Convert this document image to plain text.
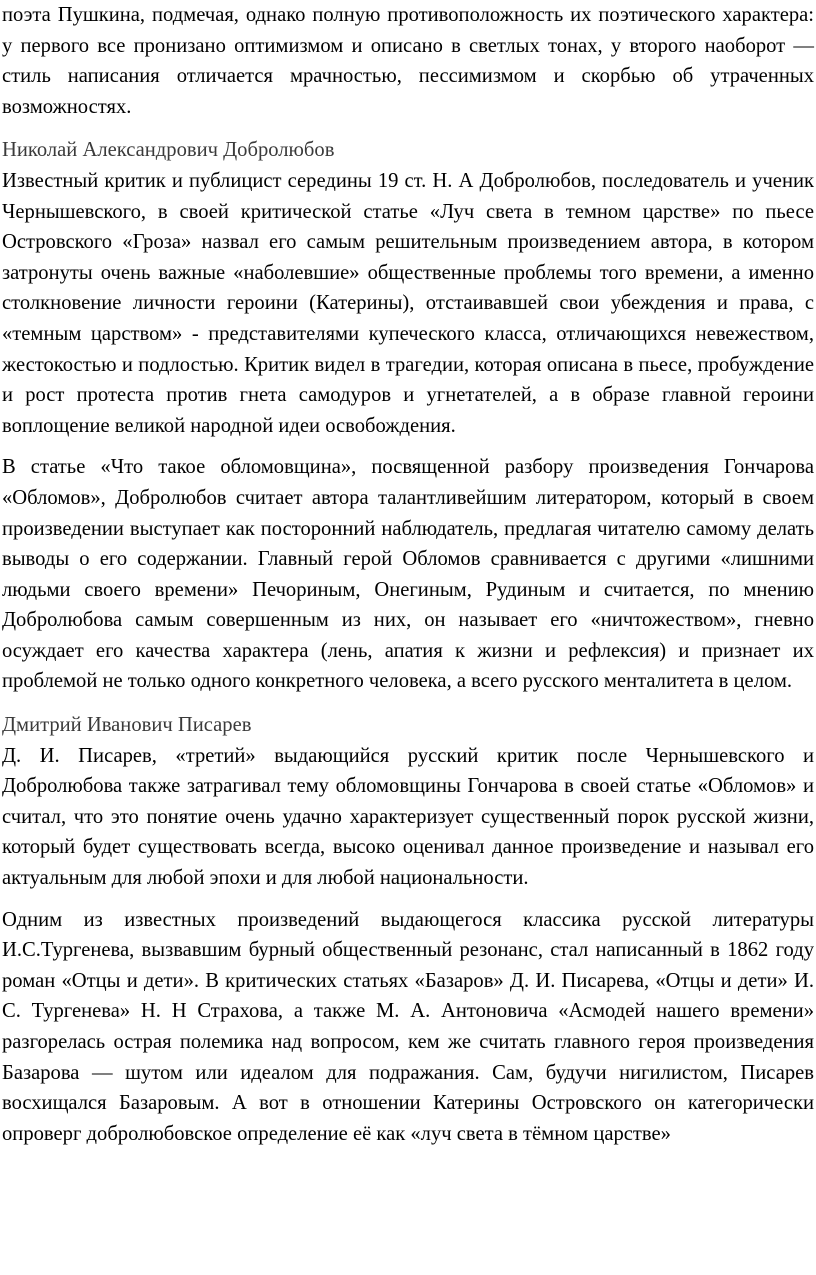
поэта Пушкина, подмечая, однако полную противоположность их поэтического характера: у первого все пронизано оптимизмом и описано в светлых тонах, у второго наоборот — стиль написания отличается мрачностью, пессимизмом и скорбью об утраченных возможностях.

Николай Александрович Добролюбов

Известный критик и публицист середины 19 ст. Н. А Добролюбов, последователь и ученик Чернышевского, в своей критической статье «Луч света в темном царстве» по пьесе Островского «Гроза» назвал его самым решительным произведением автора, в котором затронуты очень важные «наболевшие» общественные проблемы того времени, а именно столкновение личности героини (Катерины), отстаивавшей свои убеждения и права, с «темным царством» - представителями купеческого класса, отличающихся невежеством, жестокостью и подлостью. Критик видел в трагедии, которая описана в пьесе, пробуждение и рост протеста против гнета самодуров и угнетателей, а в образе главной героини воплощение великой народной идеи освобождения.

В статье «Что такое обломовщина», посвященной разбору произведения Гончарова «Обломов», Добролюбов считает автора талантливейшим литератором, который в своем произведении выступает как посторонний наблюдатель, предлагая читателю самому делать выводы о его содержании. Главный герой Обломов сравнивается с другими «лишними людьми своего времени» Печориным, Онегиным, Рудиным и считается, по мнению Добролюбова самым совершенным из них, он называет его «ничтожеством», гневно осуждает его качества характера (лень, апатия к жизни и рефлексия) и признает их проблемой не только одного конкретного человека, а всего русского менталитета в целом.

Дмитрий Иванович Писарев

Д. И. Писарев, «третий» выдающийся русский критик после Чернышевского и Добролюбова также затрагивал тему обломовщины Гончарова в своей статье «Обломов» и считал, что это понятие очень удачно характеризует существенный порок русской жизни, который будет существовать всегда, высоко оценивал данное произведение и называл его актуальным для любой эпохи и для любой национальности.

Одним из известных произведений выдающегося классика русской литературы И.С.Тургенева, вызвавшим бурный общественный резонанс, стал написанный в 1862 году роман «Отцы и дети». В критических статьях «Базаров» Д. И. Писарева, «Отцы и дети» И. С. Тургенева» Н. Н Страхова, а также М. А. Антоновича «Асмодей нашего времени» разгорелась острая полемика над вопросом, кем же считать главного героя произведения Базарова — шутом или идеалом для подражания. Сам, будучи нигилистом, Писарев восхищался Базаровым. А вот в отношении Катерины Островского он категорически опроверг добролюбовское определение её как «луч света в тёмном царстве»
